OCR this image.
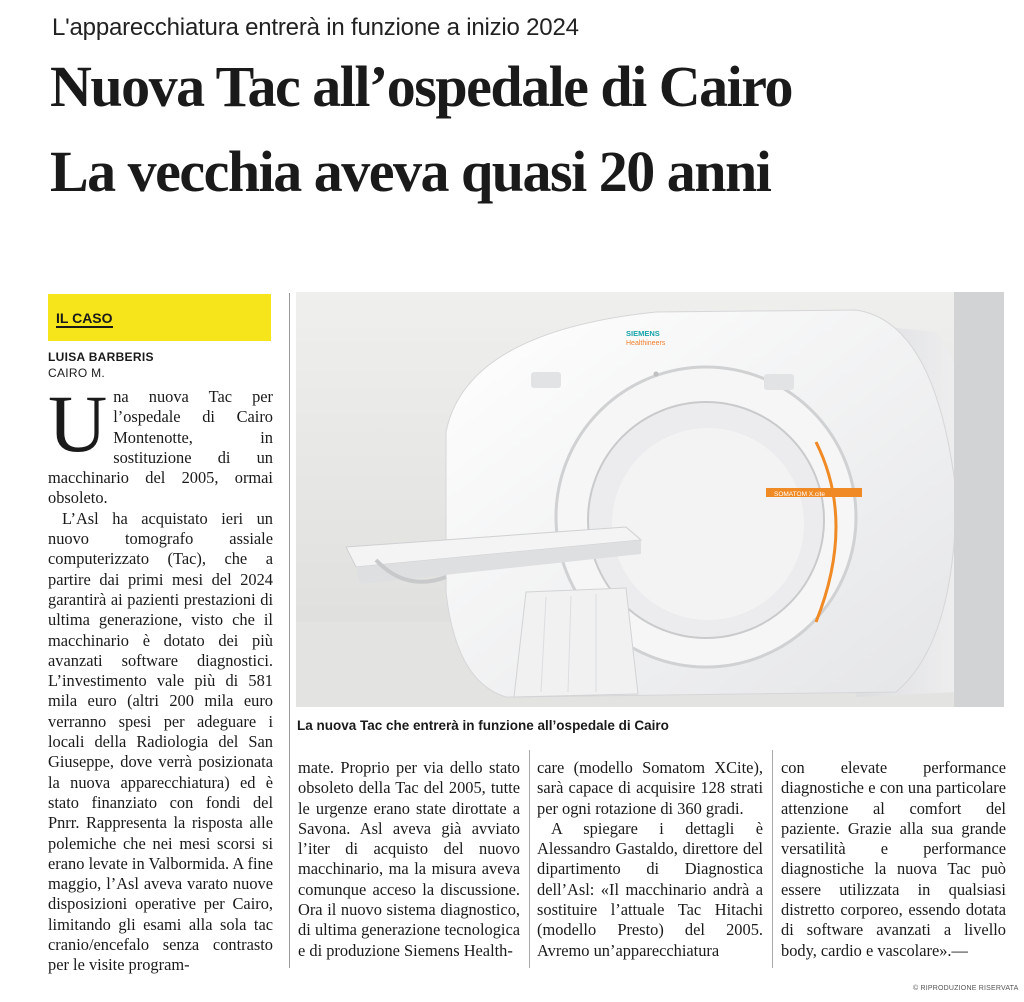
L'apparecchiatura entrerà in funzione a inizio 2024
Nuova Tac all’ospedale di Cairo
La vecchia aveva quasi 20 anni
IL CASO
LUISA BARBERIS
CAIRO M.

Una nuova Tac per l’ospedale di Cairo Montenotte, in sostituzione di un macchinario del 2005, ormai obsoleto.

L’Asl ha acquistato ieri un nuovo tomografo assiale computerizzato (Tac), che a partire dai primi mesi del 2024 garantirà ai pazienti prestazioni di ultima generazione, visto che il macchinario è dotato dei più avanzati software diagnostici. L’investimento vale più di 581 mila euro (altri 200 mila euro verranno spesi per adeguare i locali della Radiologia del San Giuseppe, dove verrà posizionata la nuova apparecchiatura) ed è stato finanziato con fondi del Pnrr. Rappresenta la risposta alle polemiche che nei mesi scorsi si erano levate in Valbormida. A fine maggio, l’Asl aveva varato nuove disposizioni operative per Cairo, limitando gli esami alla sola tac cranio/encefalo senza contrasto per le visite program-

SOMATOM X.cite
SIEMENS
Healthineers
La nuova Tac che entrerà in funzione all’ospedale di Cairo

mate. Proprio per via dello stato obsoleto della Tac del 2005, tutte le urgenze erano state dirottate a Savona. Asl aveva già avviato l’iter di acquisto del nuovo macchinario, ma la misura aveva comunque acceso la discussione. Ora il nuovo sistema diagnostico, di ultima generazione tecnologica e di produzione Siemens Health-

care (modello Somatom XCite), sarà capace di acquisire 128 strati per ogni rotazione di 360 gradi.

A spiegare i dettagli è Alessandro Gastaldo, direttore del dipartimento di Diagnostica dell’Asl: «Il macchinario andrà a sostituire l’attuale Tac Hitachi (modello Presto) del 2005. Avremo un’apparecchiatura

con elevate performance diagnostiche e con una particolare attenzione al comfort del paziente. Grazie alla sua grande versatilità e performance diagnostiche la nuova Tac può essere utilizzata in qualsiasi distretto corporeo, essendo dotata di software avanzati a livello body, cardio e vascolare».—

© RIPRODUZIONE RISERVATA
